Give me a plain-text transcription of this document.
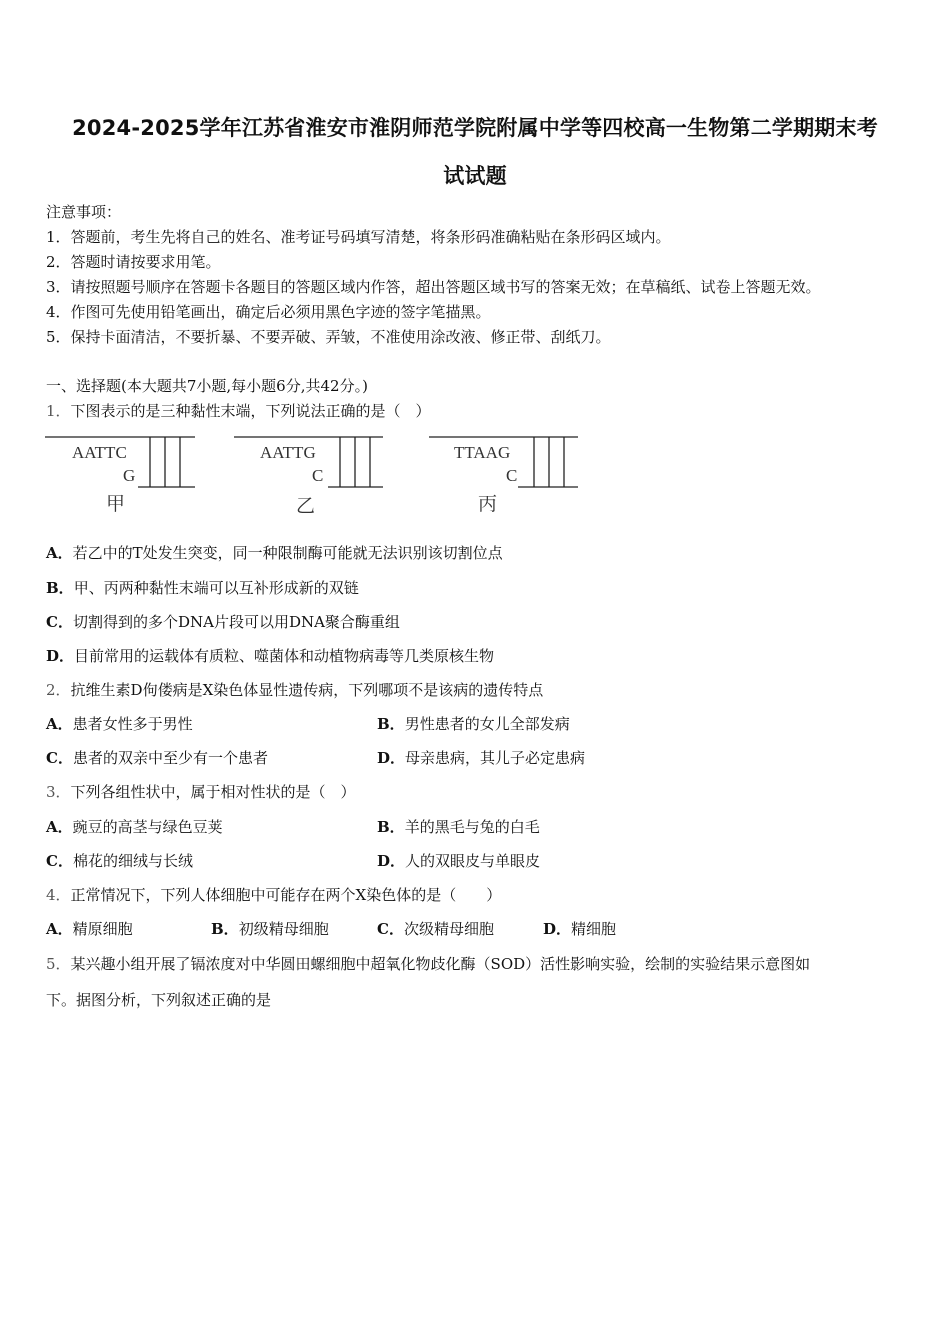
2024-2025学年江苏省淮安市淮阴师范学院附属中学等四校高一生物第二学期期末考
试试题
注意事项：
1．答题前，考生先将自己的姓名、准考证号码填写清楚，将条形码准确粘贴在条形码区域内。
2．答题时请按要求用笔。
3．请按照题号顺序在答题卡各题目的答题区域内作答，超出答题区域书写的答案无效；在草稿纸、试卷上答题无效。
4．作图可先使用铅笔画出，确定后必须用黑色字迹的签字笔描黑。
5．保持卡面清洁，不要折暴、不要弄破、弄皱，不准使用涂改液、修正带、刮纸刀。
一、选择题(本大题共7小题,每小题6分,共42分。)
1．下图表示的是三种黏性末端，下列说法正确的是（　）
AATTC
G
甲
AATTG
C
乙
TTAAG
C
丙
A．若乙中的T处发生突变，同一种限制酶可能就无法识别该切割位点
B．甲、丙两种黏性末端可以互补形成新的双链
C．切割得到的多个DNA片段可以用DNA聚合酶重组
D．目前常用的运载体有质粒、噬菌体和动植物病毒等几类原核生物
2．抗维生素D佝偻病是X染色体显性遗传病，下列哪项不是该病的遗传特点
A．患者女性多于男性	B．男性患者的女儿全部发病
C．患者的双亲中至少有一个患者	D．母亲患病，其儿子必定患病
3．下列各组性状中，属于相对性状的是（　）
A．豌豆的高茎与绿色豆荚	B．羊的黑毛与兔的白毛
C．棉花的细绒与长绒	D．人的双眼皮与单眼皮
4．正常情况下，下列人体细胞中可能存在两个X染色体的是（　　）
A．精原细胞	B．初级精母细胞	C．次级精母细胞	D．精细胞
5．某兴趣小组开展了镉浓度对中华圆田螺细胞中超氧化物歧化酶（SOD）活性影响实验，绘制的实验结果示意图如
下。据图分析，下列叙述正确的是
